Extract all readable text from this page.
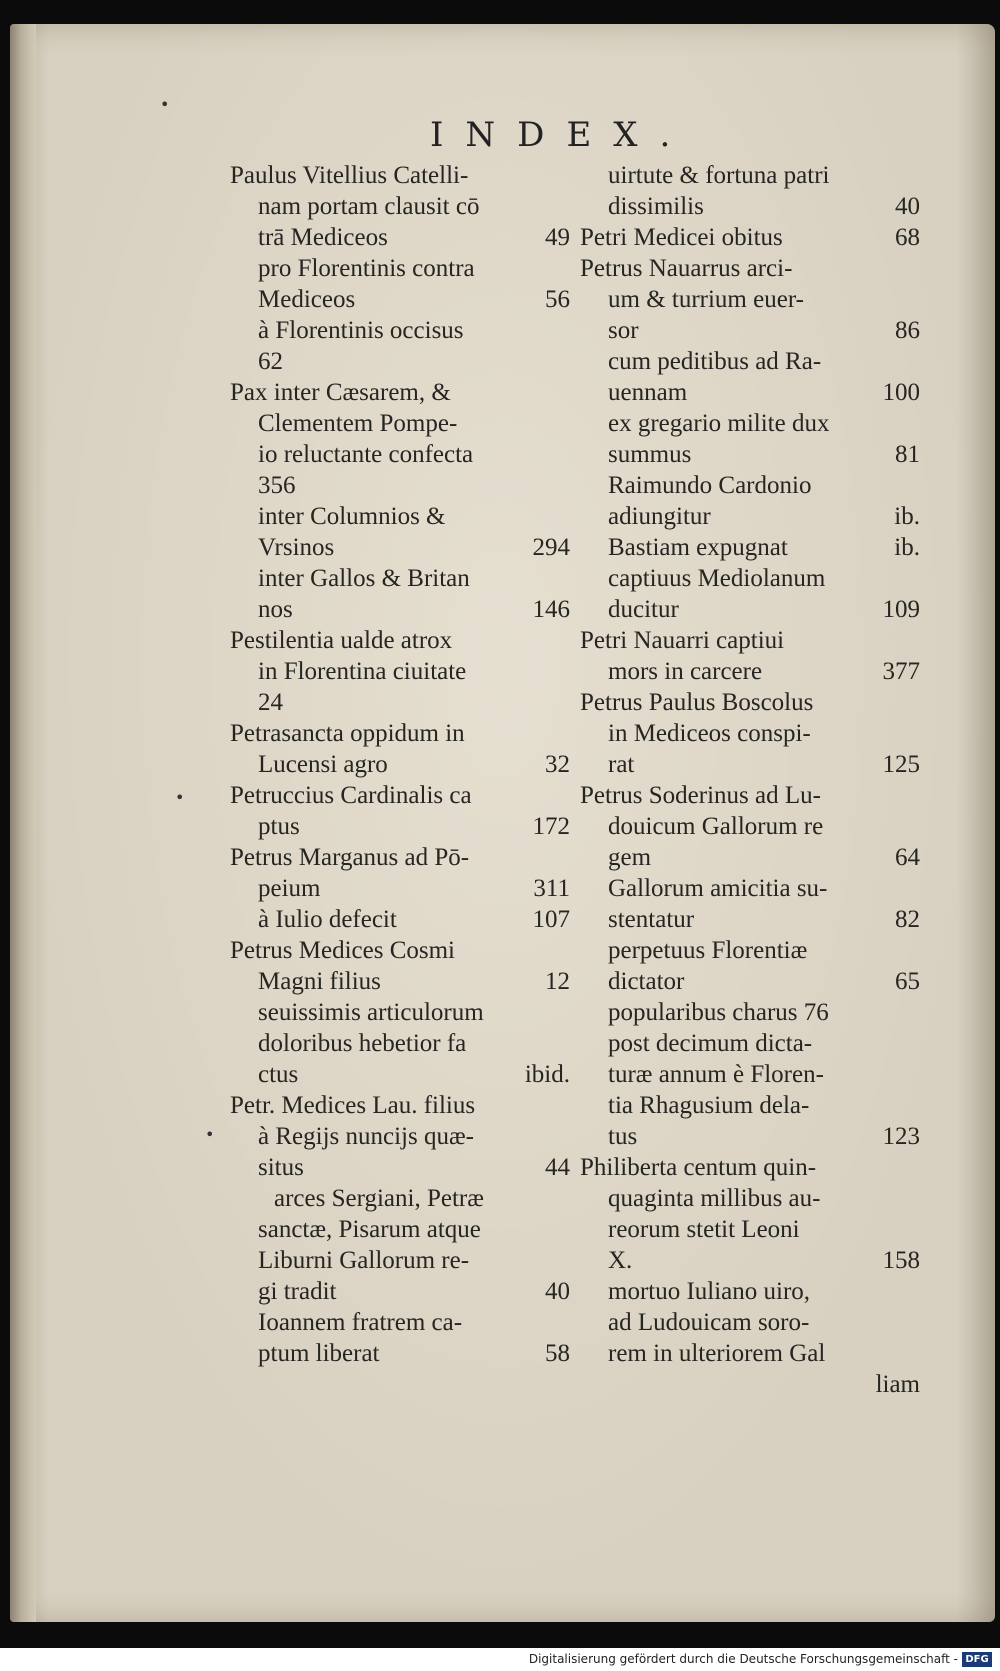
INDEX.
Paulus Vitellius Catelli-
nam portam clausit cō
trā Mediceos	49
pro Florentinis contra
Mediceos	56
à Florentinis occisus
62
Pax inter Cæsarem, &
Clementem Pompe-
io reluctante confecta
356
inter Columnios &
Vrsinos	294
inter Gallos & Britan
nos	146
Pestilentia ualde atrox
in Florentina ciuitate
24
Petrasancta oppidum in
Lucensi agro	32
Petruccius Cardinalis ca
ptus	172
Petrus Marganus ad Pō-
peium	311
à Iulio defecit	107
Petrus Medices Cosmi
Magni filius	12
seuissimis articulorum
doloribus hebetior fa
ctus	ibid.
Petr. Medices Lau. filius
à Regijs nuncijs quæ-
situs	44
arces Sergiani, Petræ
sanctæ, Pisarum atque
Liburni Gallorum re-
gi tradit	40
Ioannem fratrem ca-
ptum liberat	58
uirtute & fortuna patri
dissimilis	40
Petri Medicei obitus	68
Petrus Nauarrus arci-
um & turrium euer-
sor	86
cum peditibus ad Ra-
uennam	100
ex gregario milite dux
summus	81
Raimundo Cardonio
adiungitur	ib.
Bastiam expugnat	ib.
captiuus Mediolanum
ducitur	109
Petri Nauarri captiui
mors in carcere	377
Petrus Paulus Boscolus
in Mediceos conspi-
rat	125
Petrus Soderinus ad Lu-
douicum Gallorum re
gem	64
Gallorum amicitia su-
stentatur	82
perpetuus Florentiæ
dictator	65
popularibus charus 76
post decimum dicta-
turæ annum è Floren-
tia Rhagusium dela-
tus	123
Philiberta centum quin-
quaginta millibus au-
reorum stetit Leoni
X.	158
mortuo Iuliano uiro,
ad Ludouicam soro-
rem in ulteriorem Gal
liam
•
•
•
Digitalisierung gefördert durch die Deutsche Forschungsgemeinschaft - DFG
